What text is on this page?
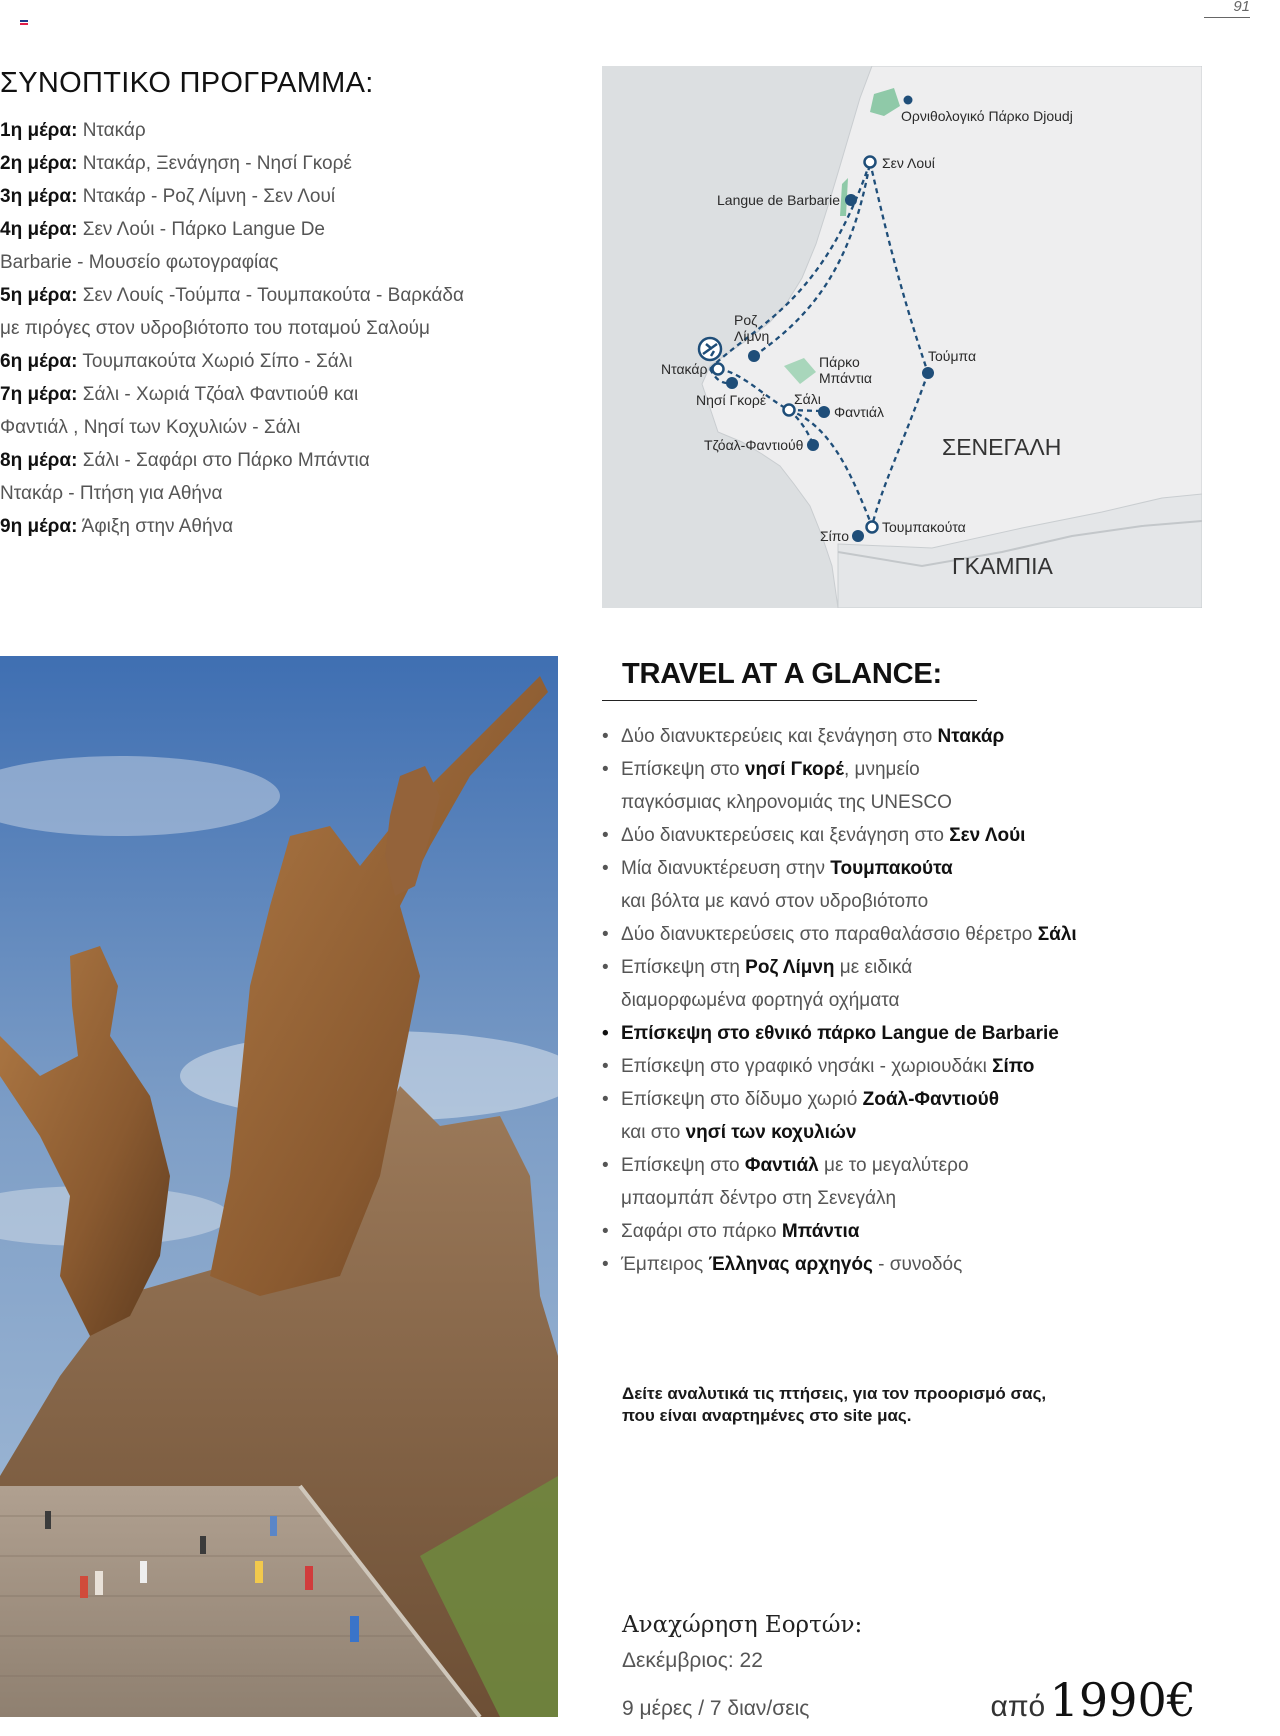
91
ΣΥΝΟΠΤΙΚΟ ΠΡΟΓΡΑΜΜΑ:
1η μέρα: Ντακάρ
2η μέρα: Ντακάρ, Ξενάγηση - Νησί Γκορέ
3η μέρα: Ντακάρ - Ροζ Λίμνη - Σεν Λουί
4η μέρα: Σεν Λούι - Πάρκο Langue De
Barbarie - Μουσείο φωτογραφίας
5η μέρα: Σεν Λουίς -Τούμπα - Τουμπακούτα - Βαρκάδα
με πιρόγες στον υδροβιότοπο του ποταμού Σαλούμ
6η μέρα: Τουμπακούτα Χωριό Σίπο - Σάλι
7η μέρα: Σάλι - Χωριά Τζόαλ Φαντιούθ και
Φαντιάλ , Νησί των Κοχυλιών - Σάλι
8η μέρα: Σάλι - Σαφάρι στο Πάρκο Μπάντια
Ντακάρ - Πτήση για Αθήνα
9η μέρα: Άφιξη στην Αθήνα
Ορνιθολογικό Πάρκο Djoudj
Σεν Λουί
Langue de Barbarie
Ροζ
Λίμνη
Ντακάρ
Νησί Γκορέ
Πάρκο
Μπάντια
Σάλι
Φαντιάλ
Τζόαλ-Φαντιούθ
Τούμπα
Τουμπακούτα
Σίπο
ΣΕΝΕΓΑΛΗ
ΓΚΑΜΠΙΑ
TRAVEL AT A GLANCE:
• Δύο διανυκτερεύεις και ξενάγηση στο Ντακάρ
• Επίσκεψη στο νησί Γκορέ, μνημείο
παγκόσμιας κληρονομιάς της UNESCO
• Δύο διανυκτερεύσεις και ξενάγηση στο Σεν Λούι
• Μία διανυκτέρευση στην Τουμπακούτα
και βόλτα με κανό στον υδροβιότοπο
• Δύο διανυκτερεύσεις στο παραθαλάσσιο θέρετρο Σάλι
• Επίσκεψη στη Ροζ Λίμνη με ειδικά
διαμορφωμένα φορτηγά οχήματα
• Επίσκεψη στο εθνικό πάρκο Langue de Barbarie
• Επίσκεψη στο γραφικό νησάκι - χωριουδάκι Σίπο
• Επίσκεψη στο δίδυμο χωριό Ζοάλ-Φαντιούθ
και στο νησί των κοχυλιών
• Επίσκεψη στο Φαντιάλ με το μεγαλύτερο
μπαομπάπ δέντρο στη Σενεγάλη
• Σαφάρι στο πάρκο Μπάντια
• Έμπειρος Έλληνας αρχηγός - συνοδός
Δείτε αναλυτικά τις πτήσεις, για τον προορισμό σας,
που είναι αναρτημένες στο site μας.
Αναχώρηση Εορτών:
Δεκέμβριος: 22
9 μέρες / 7 διαν/σεις	από 1990€
